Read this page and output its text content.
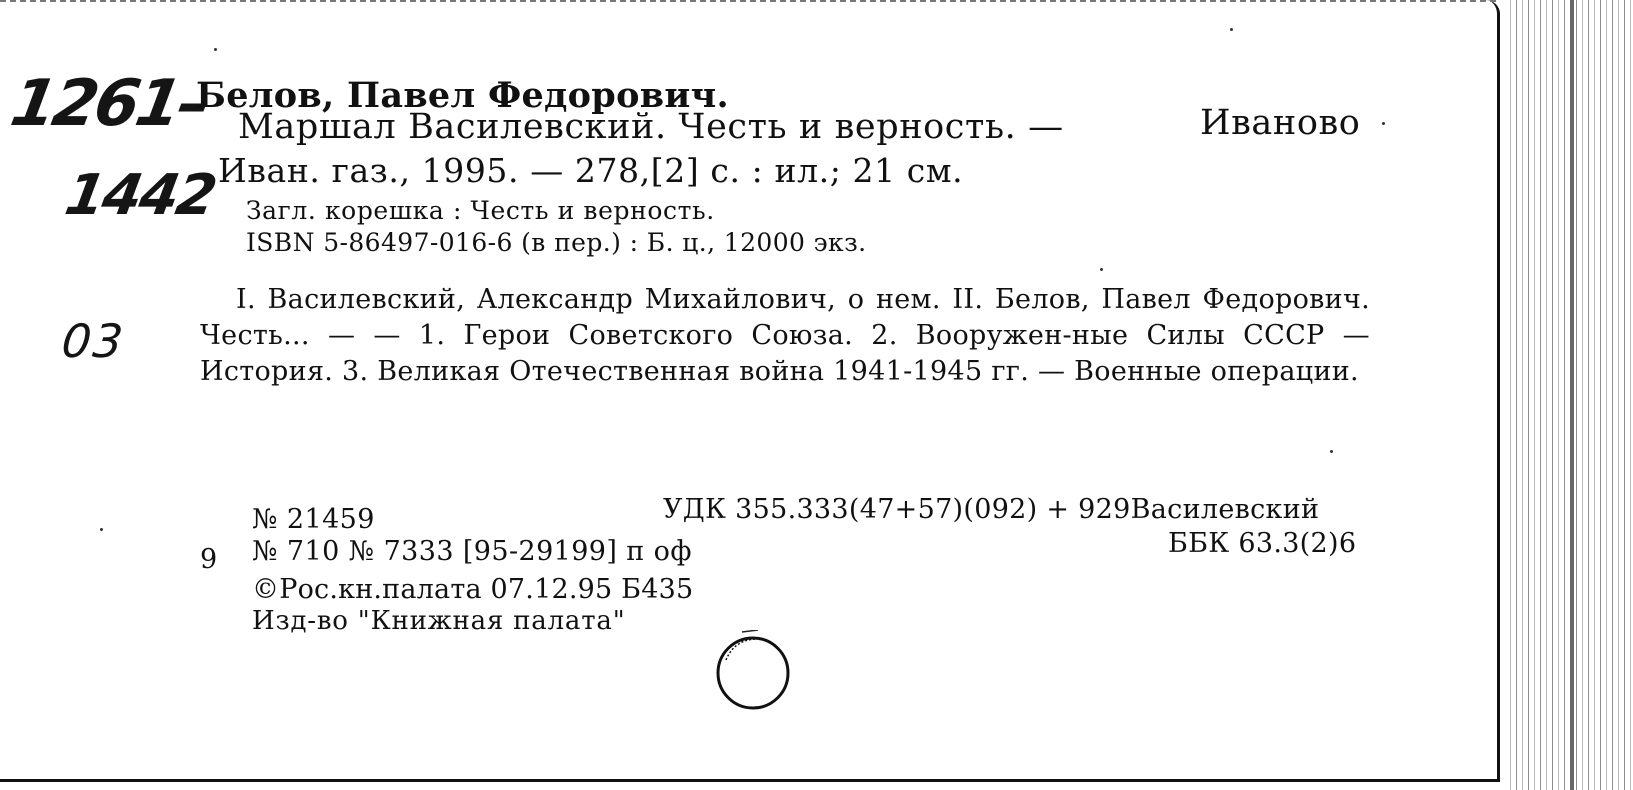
1261–
1442
03
Белов, Павел Федорович.
Маршал Василевский. Честь и верность. —	Иваново
Иван. газ., 1995. — 278,[2] с. : ил.; 21 см.
Загл. корешка : Честь и верность.
ISBN 5-86497-016-6 (в пер.) : Б. ц., 12000 экз.
I. Василевский, Александр Михайлович, о нем. II. Белов, Павел Федорович. Честь... — — 1. Герои Советского Союза. 2. Вооружен-ные Силы СССР — История. 3. Великая Отечественная война 1941-1945 гг. — Военные операции.
№ 21459	УДК 355.333(47+57)(092) + 929Василевский
9 № 710 № 7333 [95-29199] п оф	ББК 63.3(2)6
©Рос.кн.палата 07.12.95 Б435
Изд-во "Книжная палата"
